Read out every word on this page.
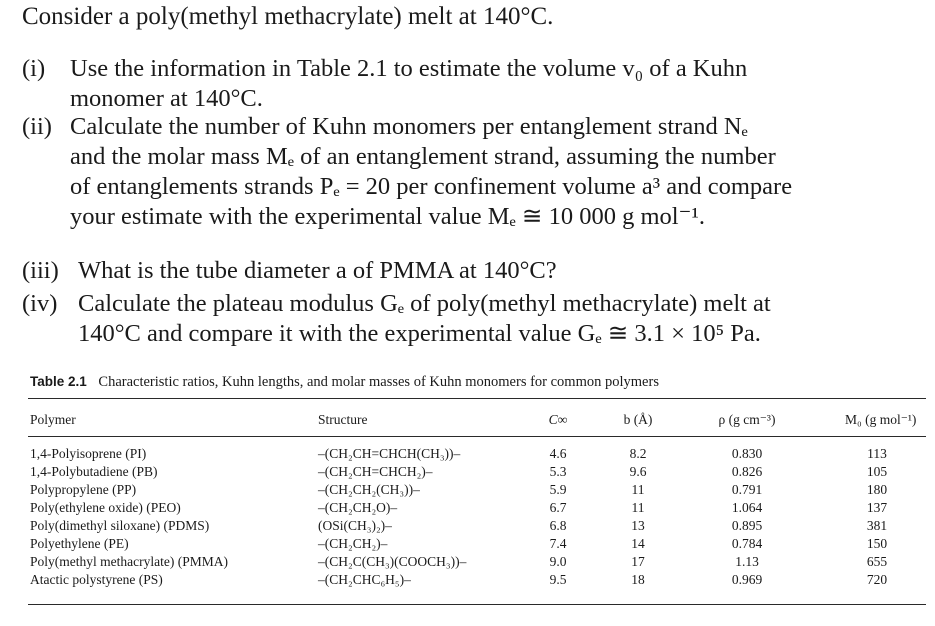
Consider a poly(methyl methacrylate) melt at 140°C.
(i) Use the information in Table 2.1 to estimate the volume v₀ of a Kuhn
monomer at 140°C.
(ii) Calculate the number of Kuhn monomers per entanglement strand Nₑ
and the molar mass Mₑ of an entanglement strand, assuming the number
of entanglements strands Pₑ = 20 per confinement volume a³ and compare
your estimate with the experimental value Mₑ ≅ 10 000 g mol⁻¹.
(iii) What is the tube diameter a of PMMA at 140°C?
(iv) Calculate the plateau modulus Gₑ of poly(methyl methacrylate) melt at
140°C and compare it with the experimental value Gₑ ≅ 3.1 × 10⁵ Pa.
Table 2.1 Characteristic ratios, Kuhn lengths, and molar masses of Kuhn monomers for common polymers
Polymer	Structure	C∞	b (Å)	ρ (g cm⁻³)	M₀ (g mol⁻¹)
1,4-Polyisoprene (PI)	–(CH₂CH=CHCH(CH₃))–	4.6	8.2	0.830	113
1,4-Polybutadiene (PB)	–(CH₂CH=CHCH₂)–	5.3	9.6	0.826	105
Polypropylene (PP)	–(CH₂CH₂(CH₃))–	5.9	11	0.791	180
Poly(ethylene oxide) (PEO)	–(CH₂CH₂O)–	6.7	11	1.064	137
Poly(dimethyl siloxane) (PDMS)	(OSi(CH₃)₂)–	6.8	13	0.895	381
Polyethylene (PE)	–(CH₂CH₂)–	7.4	14	0.784	150
Poly(methyl methacrylate) (PMMA)	–(CH₂C(CH₃)(COOCH₃))–	9.0	17	1.13	655
Atactic polystyrene (PS)	–(CH₂CHC₆H₅)–	9.5	18	0.969	720
